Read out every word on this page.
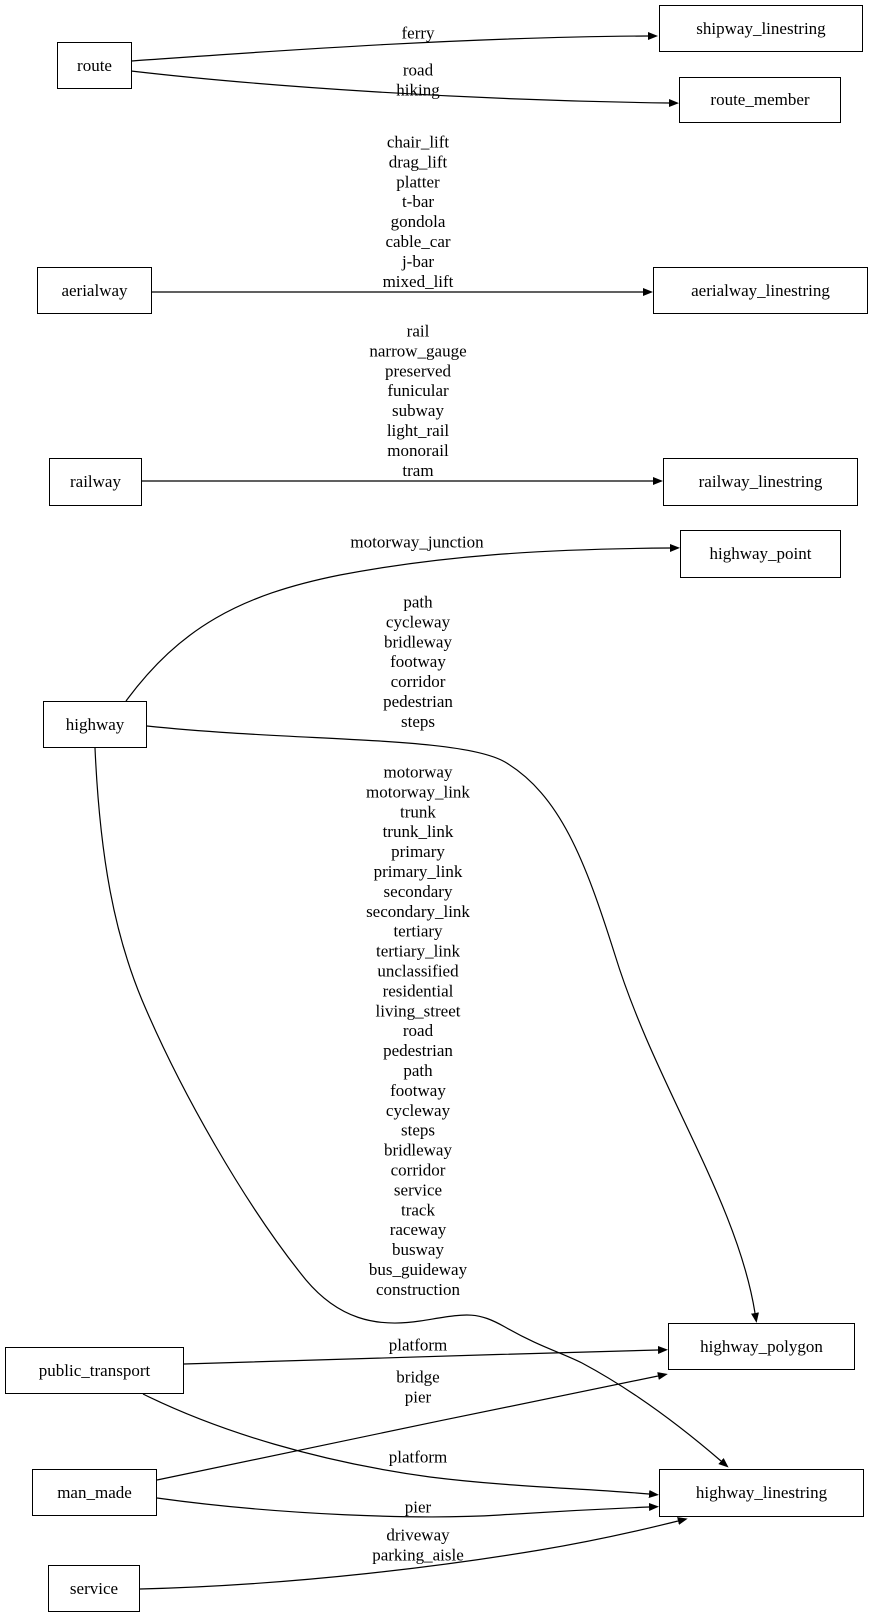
ferry
road
hiking
chair_lift
drag_lift
platter
t-bar
gondola
cable_car
j-bar
mixed_lift
rail
narrow_gauge
preserved
funicular
subway
light_rail
monorail
tram
motorway_junction
path
cycleway
bridleway
footway
corridor
pedestrian
steps
motorway
motorway_link
trunk
trunk_link
primary
primary_link
secondary
secondary_link
tertiary
tertiary_link
unclassified
residential
living_street
road
pedestrian
path
footway
cycleway
steps
bridleway
corridor
service
track
raceway
busway
bus_guideway
construction
platform
bridge
pier
platform
pier
driveway
parking_aisle
route
aerialway
railway
highway
public_transport
man_made
service
shipway_linestring
route_member
aerialway_linestring
railway_linestring
highway_point
highway_polygon
highway_linestring
